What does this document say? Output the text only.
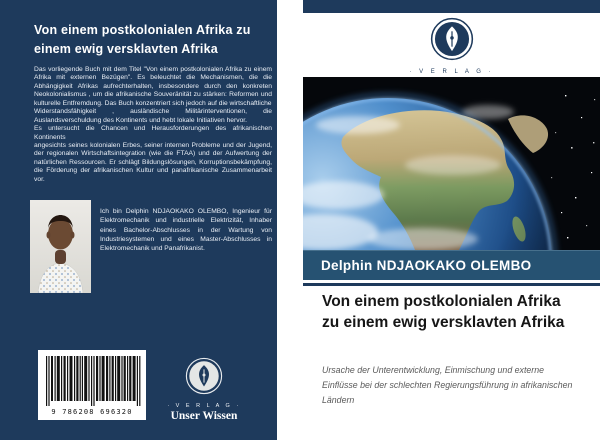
Von einem postkolonialen Afrika zu einem ewig versklavten Afrika

Das vorliegende Buch mit dem Titel "Von einem postkolonialen Afrika zu einem Afrika mit externen Bezügen". Es beleuchtet die Mechanismen, die die Abhängigkeit Afrikas aufrechterhalten, insbesondere durch den konkreten Neokolonialismus , um die afrikanische Souveränität zu stärken: Reformen und kulturelle Entfremdung. Das Buch konzentriert sich jedoch auf die wirtschaftliche

Widerstandsfähigkeit , ausländische Militärinterventionen, die Auslandsverschuldung des Kontinents und hebt lokale Initiativen hervor.

Es untersucht die Chancen und Herausforderungen des afrikanischen Kontinents

angesichts seines kolonialen Erbes, seiner internen Probleme und der Jugend, der regionalen Wirtschaftsintegration (wie die FTAA) und der Aufwertung der natürlichen Ressourcen. Er schlägt Bildungslösungen, Korruptionsbekämpfung, die Förderung der afrikanischen Kultur und panafrikanische Zusammenarbeit vor.

Ich bin Delphin NDJAOKAKO OLEMBO, Ingenieur für Elektromechanik und industrielle Elektrizität, Inhaber eines Bachelor-Abschlusses in der Wartung von Industriesystemen und eines Master-Abschlusses in Elektromechanik und Panafrikanist.
9 786208 696320
· V E R L A G ·
Unser Wissen
· V E R L A G ·
Delphin NDJAOKAKO OLEMBO
Von einem postkolonialen Afrika zu einem ewig versklavten Afrika
Ursache der Unterentwicklung, Einmischung und externe Einflüsse bei der schlechten Regierungsführung in afrikanischen Ländern
